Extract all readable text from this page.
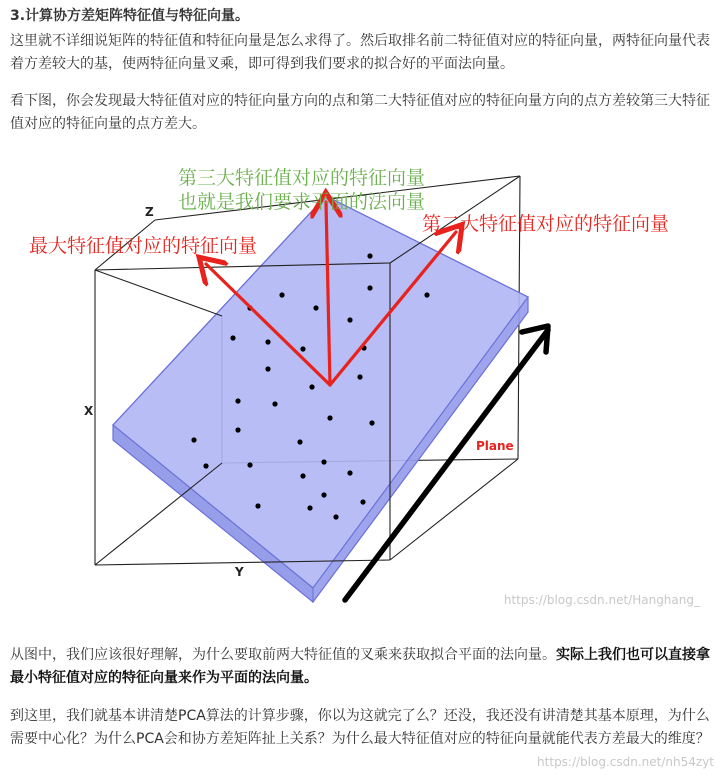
3.计算协方差矩阵特征值与特征向量。

这里就不详细说矩阵的特征值和特征向量是怎么求得了。然后取排名前二特征值对应的特征向量，两特征向量代表着方差较大的基，使两特征向量叉乘，即可得到我们要求的拟合好的平面法向量。

看下图，你会发现最大特征值对应的特征向量方向的点和第二大特征值对应的特征向量方向的点方差较第三大特征值对应的特征向量的点方差大。

第三大特征值对应的特征向量
也就是我们要求平面的法向量
第二大特征值对应的特征向量
最大特征值对应的特征向量
Z
X
Y
Plane
https://blog.csdn.net/Hanghang_

从图中，我们应该很好理解，为什么要取前两大特征值的叉乘来获取拟合平面的法向量。实际上我们也可以直接拿最小特征值对应的特征向量来作为平面的法向量。

到这里，我们就基本讲清楚PCA算法的计算步骤，你以为这就完了么？还没，我还没有讲清楚其基本原理，为什么需要中心化？为什么PCA会和协方差矩阵扯上关系？为什么最大特征值对应的特征向量就能代表方差最大的维度？

https://blog.csdn.net/nh54zyt
